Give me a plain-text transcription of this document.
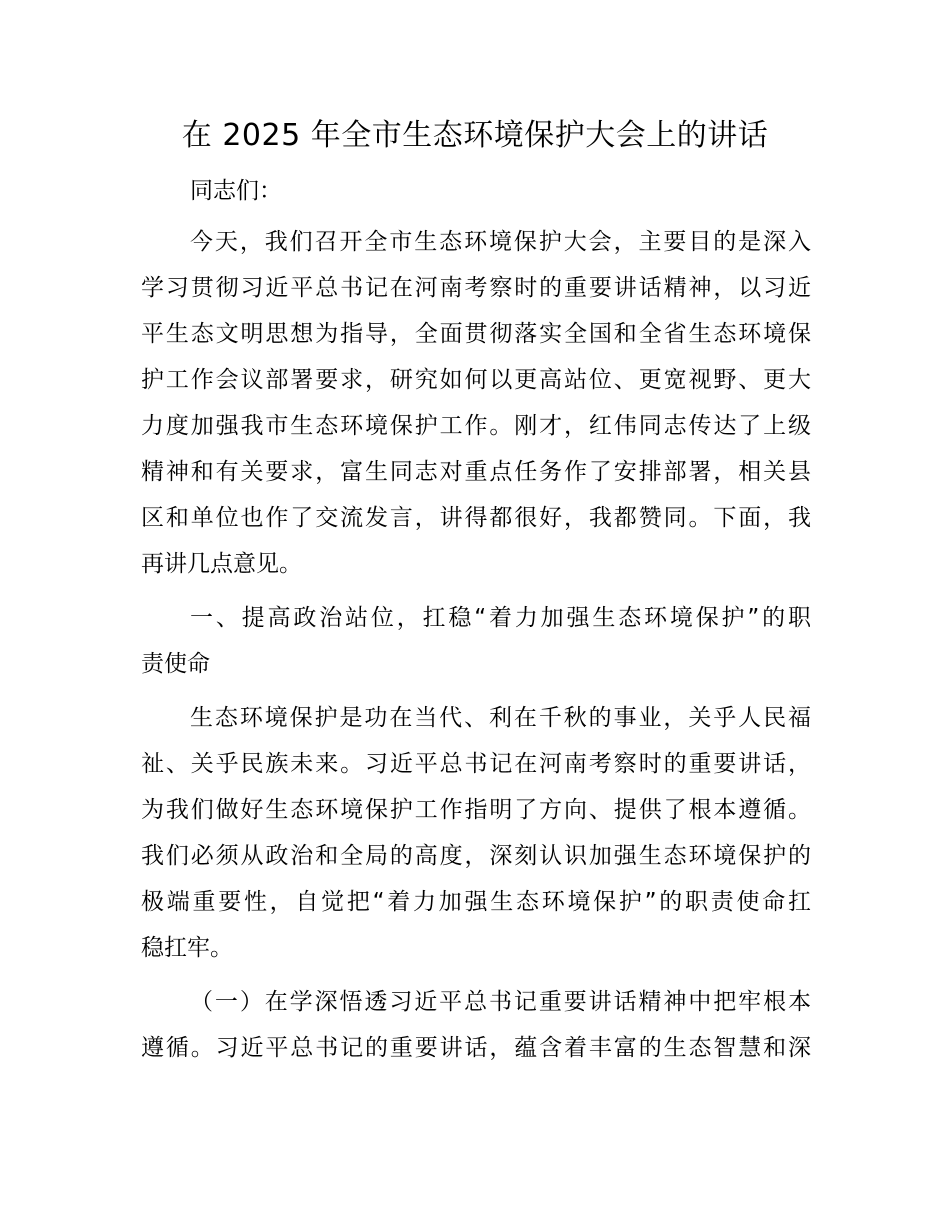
在 2025 年全市生态环境保护大会上的讲话
同志们：
今天，我们召开全市生态环境保护大会，主要目的是深入
学习贯彻习近平总书记在河南考察时的重要讲话精神，以习近
平生态文明思想为指导，全面贯彻落实全国和全省生态环境保
护工作会议部署要求，研究如何以更高站位、更宽视野、更大
力度加强我市生态环境保护工作。刚才，红伟同志传达了上级
精神和有关要求，富生同志对重点任务作了安排部署，相关县
区和单位也作了交流发言，讲得都很好，我都赞同。下面，我
再讲几点意见。
一、提高政治站位，扛稳“着力加强生态环境保护”的职
责使命
生态环境保护是功在当代、利在千秋的事业，关乎人民福
祉、关乎民族未来。习近平总书记在河南考察时的重要讲话，
为我们做好生态环境保护工作指明了方向、提供了根本遵循。
我们必须从政治和全局的高度，深刻认识加强生态环境保护的
极端重要性，自觉把“着力加强生态环境保护”的职责使命扛
稳扛牢。
（一）在学深悟透习近平总书记重要讲话精神中把牢根本
遵循。习近平总书记的重要讲话，蕴含着丰富的生态智慧和深
